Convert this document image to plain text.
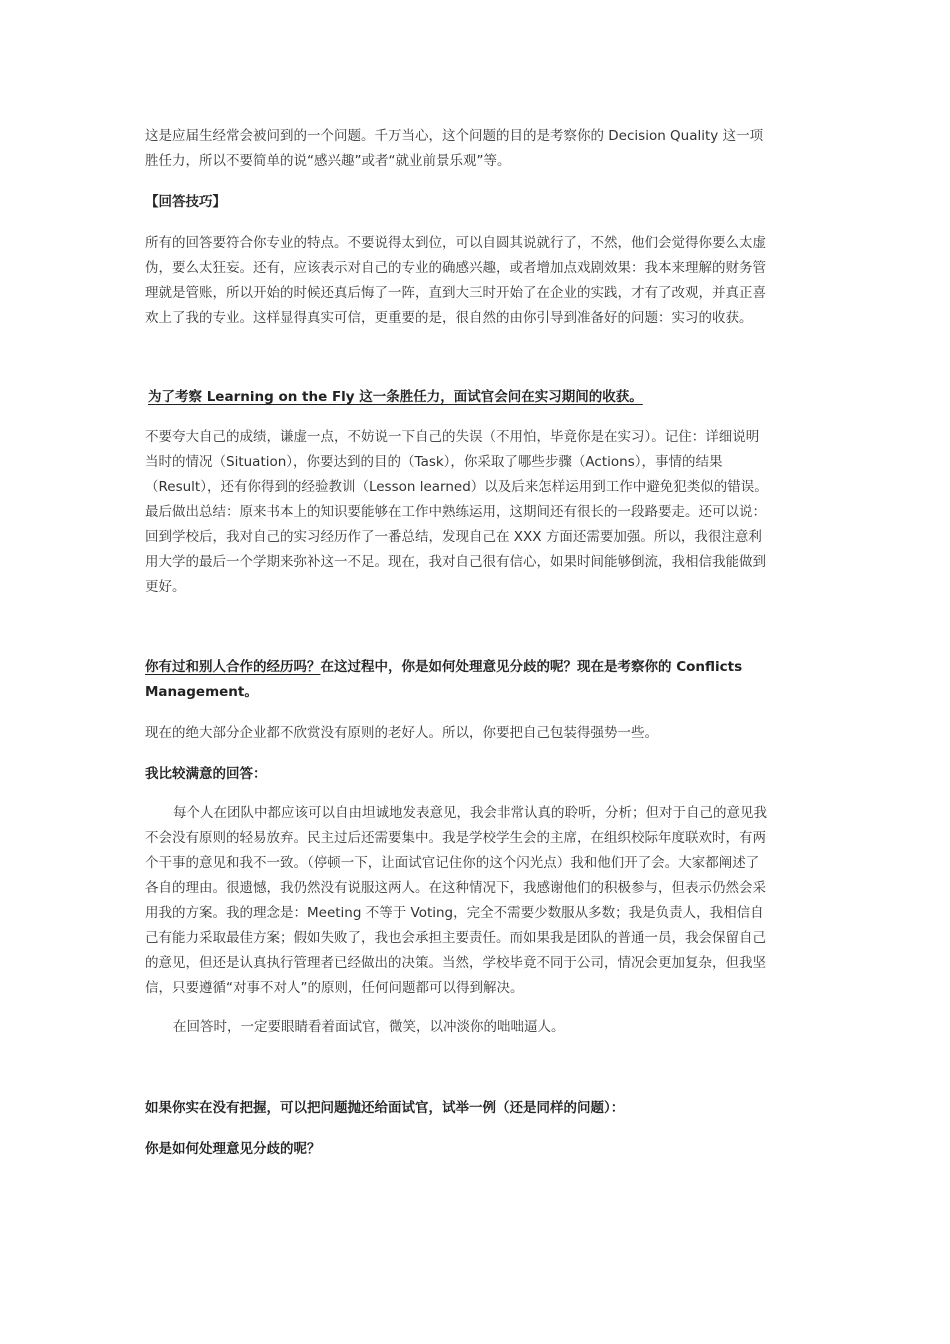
这是应届生经常会被问到的一个问题。千万当心，这个问题的目的是考察你的 Decision Quality 这一项
胜任力，所以不要简单的说“感兴趣”或者“就业前景乐观”等。
【回答技巧】
所有的回答要符合你专业的特点。不要说得太到位，可以自圆其说就行了，不然，他们会觉得你要么太虚
伪，要么太狂妄。还有，应该表示对自己的专业的确感兴趣，或者增加点戏剧效果：我本来理解的财务管
理就是管账，所以开始的时候还真后悔了一阵，直到大三时开始了在企业的实践，才有了改观，并真正喜
欢上了我的专业。这样显得真实可信，更重要的是，很自然的由你引导到准备好的问题：实习的收获。
为了考察 Learning on the Fly 这一条胜任力，面试官会问在实习期间的收获。
不要夸大自己的成绩，谦虚一点，不妨说一下自己的失误（不用怕，毕竟你是在实习）。记住：详细说明
当时的情况（Situation），你要达到的目的（Task），你采取了哪些步骤（Actions），事情的结果
（Result），还有你得到的经验教训（Lesson learned）以及后来怎样运用到工作中避免犯类似的错误。
最后做出总结：原来书本上的知识要能够在工作中熟练运用，这期间还有很长的一段路要走。还可以说：
回到学校后，我对自己的实习经历作了一番总结，发现自己在 XXX 方面还需要加强。所以，我很注意利
用大学的最后一个学期来弥补这一不足。现在，我对自己很有信心，如果时间能够倒流，我相信我能做到
更好。
你有过和别人合作的经历吗？在这过程中，你是如何处理意见分歧的呢？现在是考察你的 Conflicts
Management。
现在的绝大部分企业都不欣赏没有原则的老好人。所以，你要把自己包装得强势一些。
我比较满意的回答：
每个人在团队中都应该可以自由坦诚地发表意见，我会非常认真的聆听，分析；但对于自己的意见我
不会没有原则的轻易放弃。民主过后还需要集中。我是学校学生会的主席，在组织校际年度联欢时，有两
个干事的意见和我不一致。（停顿一下，让面试官记住你的这个闪光点）我和他们开了会。大家都阐述了
各自的理由。很遗憾，我仍然没有说服这两人。在这种情况下，我感谢他们的积极参与，但表示仍然会采
用我的方案。我的理念是：Meeting 不等于 Voting，完全不需要少数服从多数；我是负责人，我相信自
己有能力采取最佳方案；假如失败了，我也会承担主要责任。而如果我是团队的普通一员，我会保留自己
的意见，但还是认真执行管理者已经做出的决策。当然，学校毕竟不同于公司，情况会更加复杂，但我坚
信，只要遵循“对事不对人”的原则，任何问题都可以得到解决。
在回答时，一定要眼睛看着面试官，微笑，以冲淡你的咄咄逼人。
如果你实在没有把握，可以把问题抛还给面试官，试举一例（还是同样的问题）：
你是如何处理意见分歧的呢？
